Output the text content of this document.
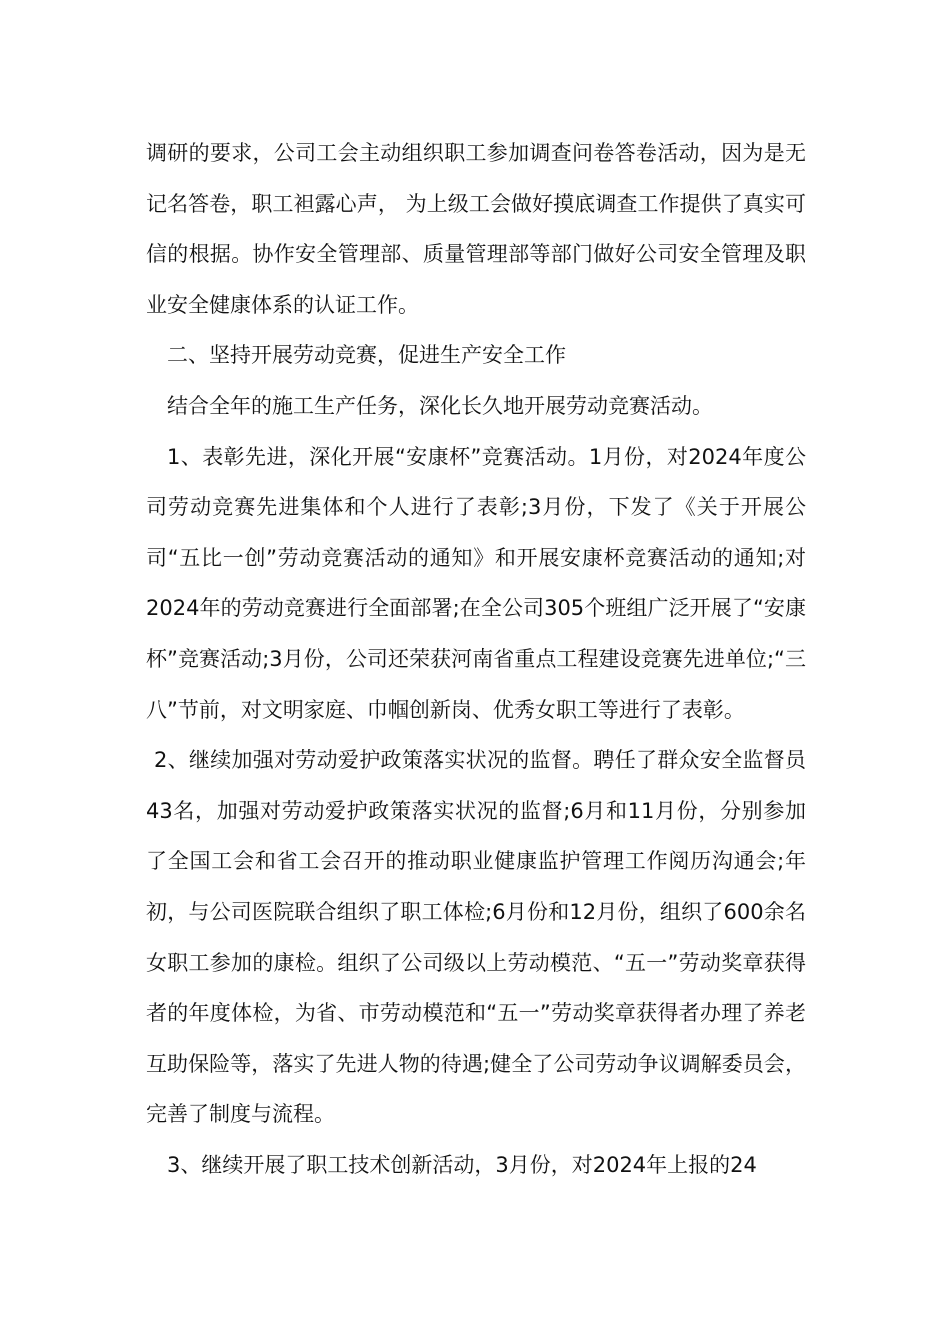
调研的要求，公司工会主动组织职工参加调查问卷答卷活动，因为是无记名答卷，职工袒露心声， 为上级工会做好摸底调查工作提供了真实可信的根据。协作安全管理部、质量管理部等部门做好公司安全管理及职业安全健康体系的认证工作。

二、坚持开展劳动竞赛，促进生产安全工作

结合全年的施工生产任务，深化长久地开展劳动竞赛活动。

1、表彰先进，深化开展“安康杯”竞赛活动。1月份，对2024年度公司劳动竞赛先进集体和个人进行了表彰;3月份，下发了《关于开展公司“五比一创”劳动竞赛活动的通知》和开展安康杯竞赛活动的通知;对2024年的劳动竞赛进行全面部署;在全公司305个班组广泛开展了“安康杯”竞赛活动;3月份，公司还荣获河南省重点工程建设竞赛先进单位;“三八”节前，对文明家庭、巾帼创新岗、优秀女职工等进行了表彰。

2、继续加强对劳动爱护政策落实状况的监督。聘任了群众安全监督员43名，加强对劳动爱护政策落实状况的监督;6月和11月份，分别参加了全国工会和省工会召开的推动职业健康监护管理工作阅历沟通会;年初，与公司医院联合组织了职工体检;6月份和12月份，组织了600余名女职工参加的康检。组织了公司级以上劳动模范、“五一”劳动奖章获得者的年度体检，为省、市劳动模范和“五一”劳动奖章获得者办理了养老互助保险等，落实了先进人物的待遇;健全了公司劳动争议调解委员会，完善了制度与流程。

3、继续开展了职工技术创新活动，3月份，对2024年上报的24
